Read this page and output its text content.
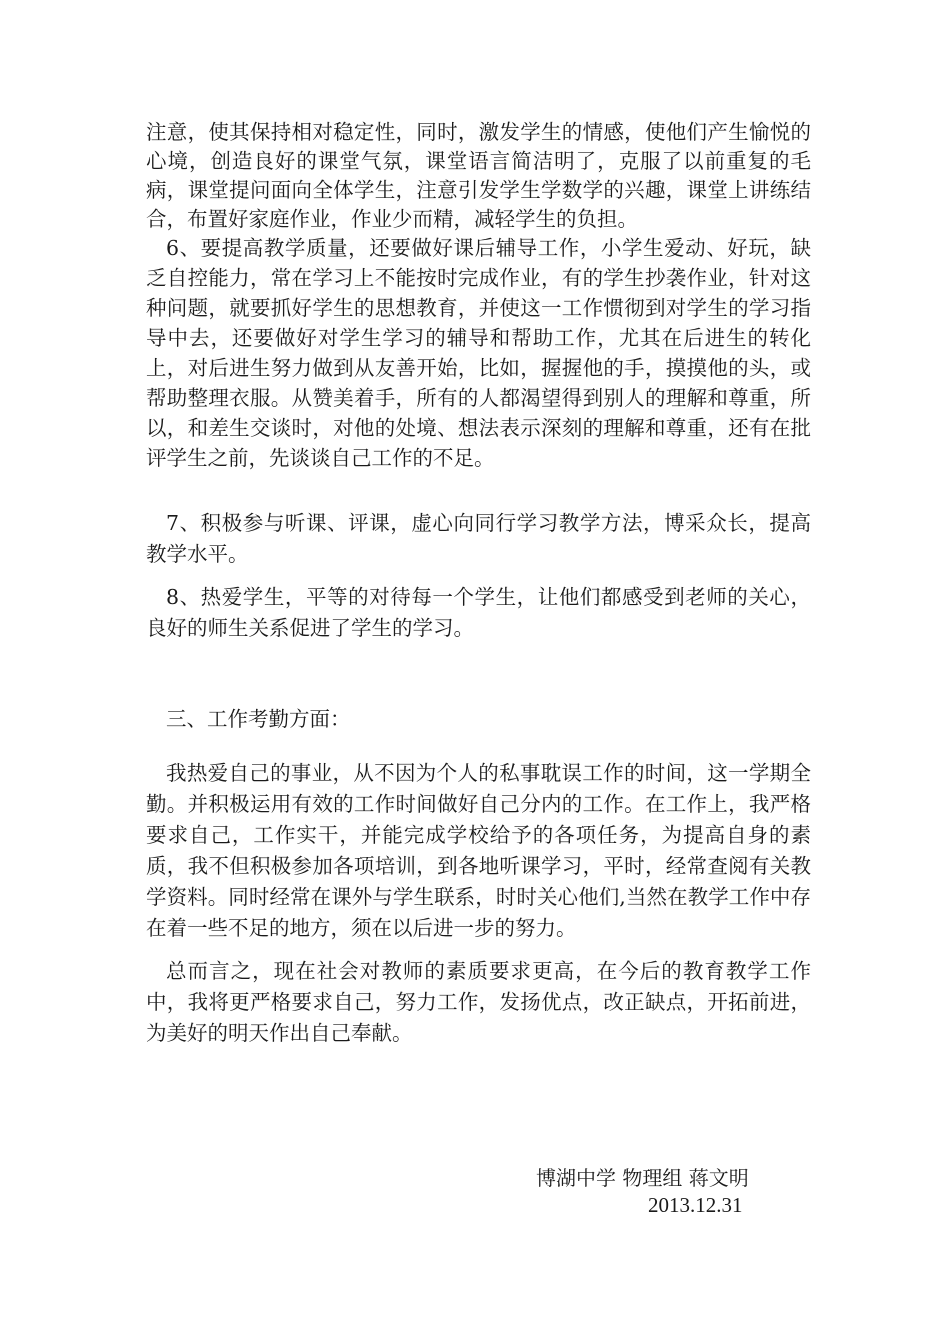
注意，使其保持相对稳定性，同时，激发学生的情感，使他们产生愉悦的心境，创造良好的课堂气氛，课堂语言简洁明了，克服了以前重复的毛病，课堂提问面向全体学生，注意引发学生学数学的兴趣，课堂上讲练结合，布置好家庭作业，作业少而精，减轻学生的负担。

6、要提高教学质量，还要做好课后辅导工作，小学生爱动、好玩，缺乏自控能力，常在学习上不能按时完成作业，有的学生抄袭作业，针对这种问题，就要抓好学生的思想教育，并使这一工作惯彻到对学生的学习指导中去，还要做好对学生学习的辅导和帮助工作，尤其在后进生的转化上，对后进生努力做到从友善开始，比如，握握他的手，摸摸他的头，或帮助整理衣服。从赞美着手，所有的人都渴望得到别人的理解和尊重，所以，和差生交谈时，对他的处境、想法表示深刻的理解和尊重，还有在批评学生之前，先谈谈自己工作的不足。

7、积极参与听课、评课，虚心向同行学习教学方法，博采众长，提高教学水平。

8、热爱学生，平等的对待每一个学生，让他们都感受到老师的关心，良好的师生关系促进了学生的学习。

三、工作考勤方面：

我热爱自己的事业，从不因为个人的私事耽误工作的时间，这一学期全勤。并积极运用有效的工作时间做好自己分内的工作。在工作上，我严格要求自己，工作实干，并能完成学校给予的各项任务，为提高自身的素质，我不但积极参加各项培训，到各地听课学习，平时，经常查阅有关教学资料。同时经常在课外与学生联系，时时关心他们,当然在教学工作中存在着一些不足的地方，须在以后进一步的努力。

总而言之，现在社会对教师的素质要求更高，在今后的教育教学工作中，我将更严格要求自己，努力工作，发扬优点，改正缺点，开拓前进，为美好的明天作出自己奉献。

博湖中学 物理组 蒋文明

2013.12.31
